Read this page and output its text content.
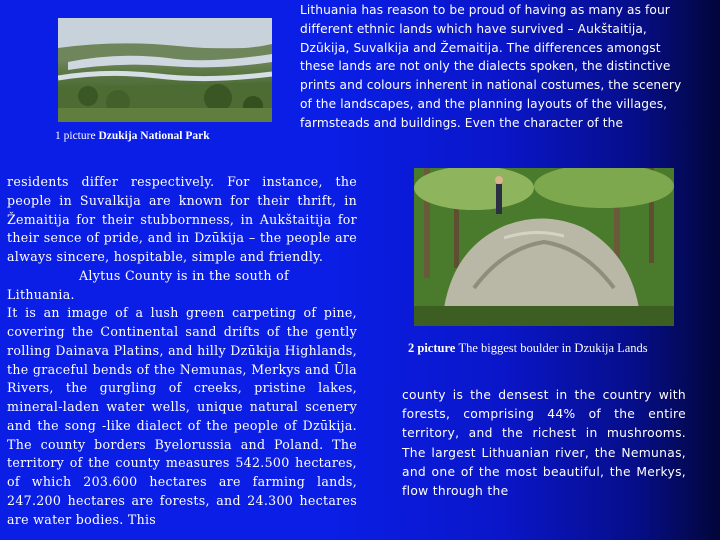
1 picture Dzukija National Park
Lithuania has reason to be proud of having as many as four different ethnic lands which have survived – Aukštaitija, Dzūkija, Suvalkija and Žemaitija. The differences amongst these lands are not only the dialects spoken, the distinctive prints and colours inherent in national costumes, the scenery of the landscapes, and the planning layouts of the villages, farmsteads and buildings. Even the character of the
residents differ respectively. For instance, the people in Suvalkija are known for their thrift, in Žemaitija for their stubbornness, in Aukštaitija for their sence of pride, and in Dzūkija – the people are always sincere, hospitable, simple and friendly.
Alytus County is in the south of Lithuania.
It is an image of a lush green carpeting of pine, covering the Continental sand drifts of the gently rolling Dainava Platins, and hilly Dzūkija Highlands, the graceful bends of the Nemunas, Merkys and Ūla Rivers, the gurgling of creeks, pristine lakes, mineral-laden water wells, unique natural scenery and the song -like dialect of the people of Dzūkija. The county borders Byelorussia and Poland. The territory of the county measures 542.500 hectares, of which 203.600 hectares are farming lands, 247.200 hectares are forests, and 24.300 hectares are water bodies. This
2 picture The biggest boulder in Dzukija Lands
county is the densest in the country with forests, comprising 44% of the entire territory, and the richest in mushrooms. The largest Lithuanian river, the Nemunas, and one of the most beautiful, the Merkys, flow through the
